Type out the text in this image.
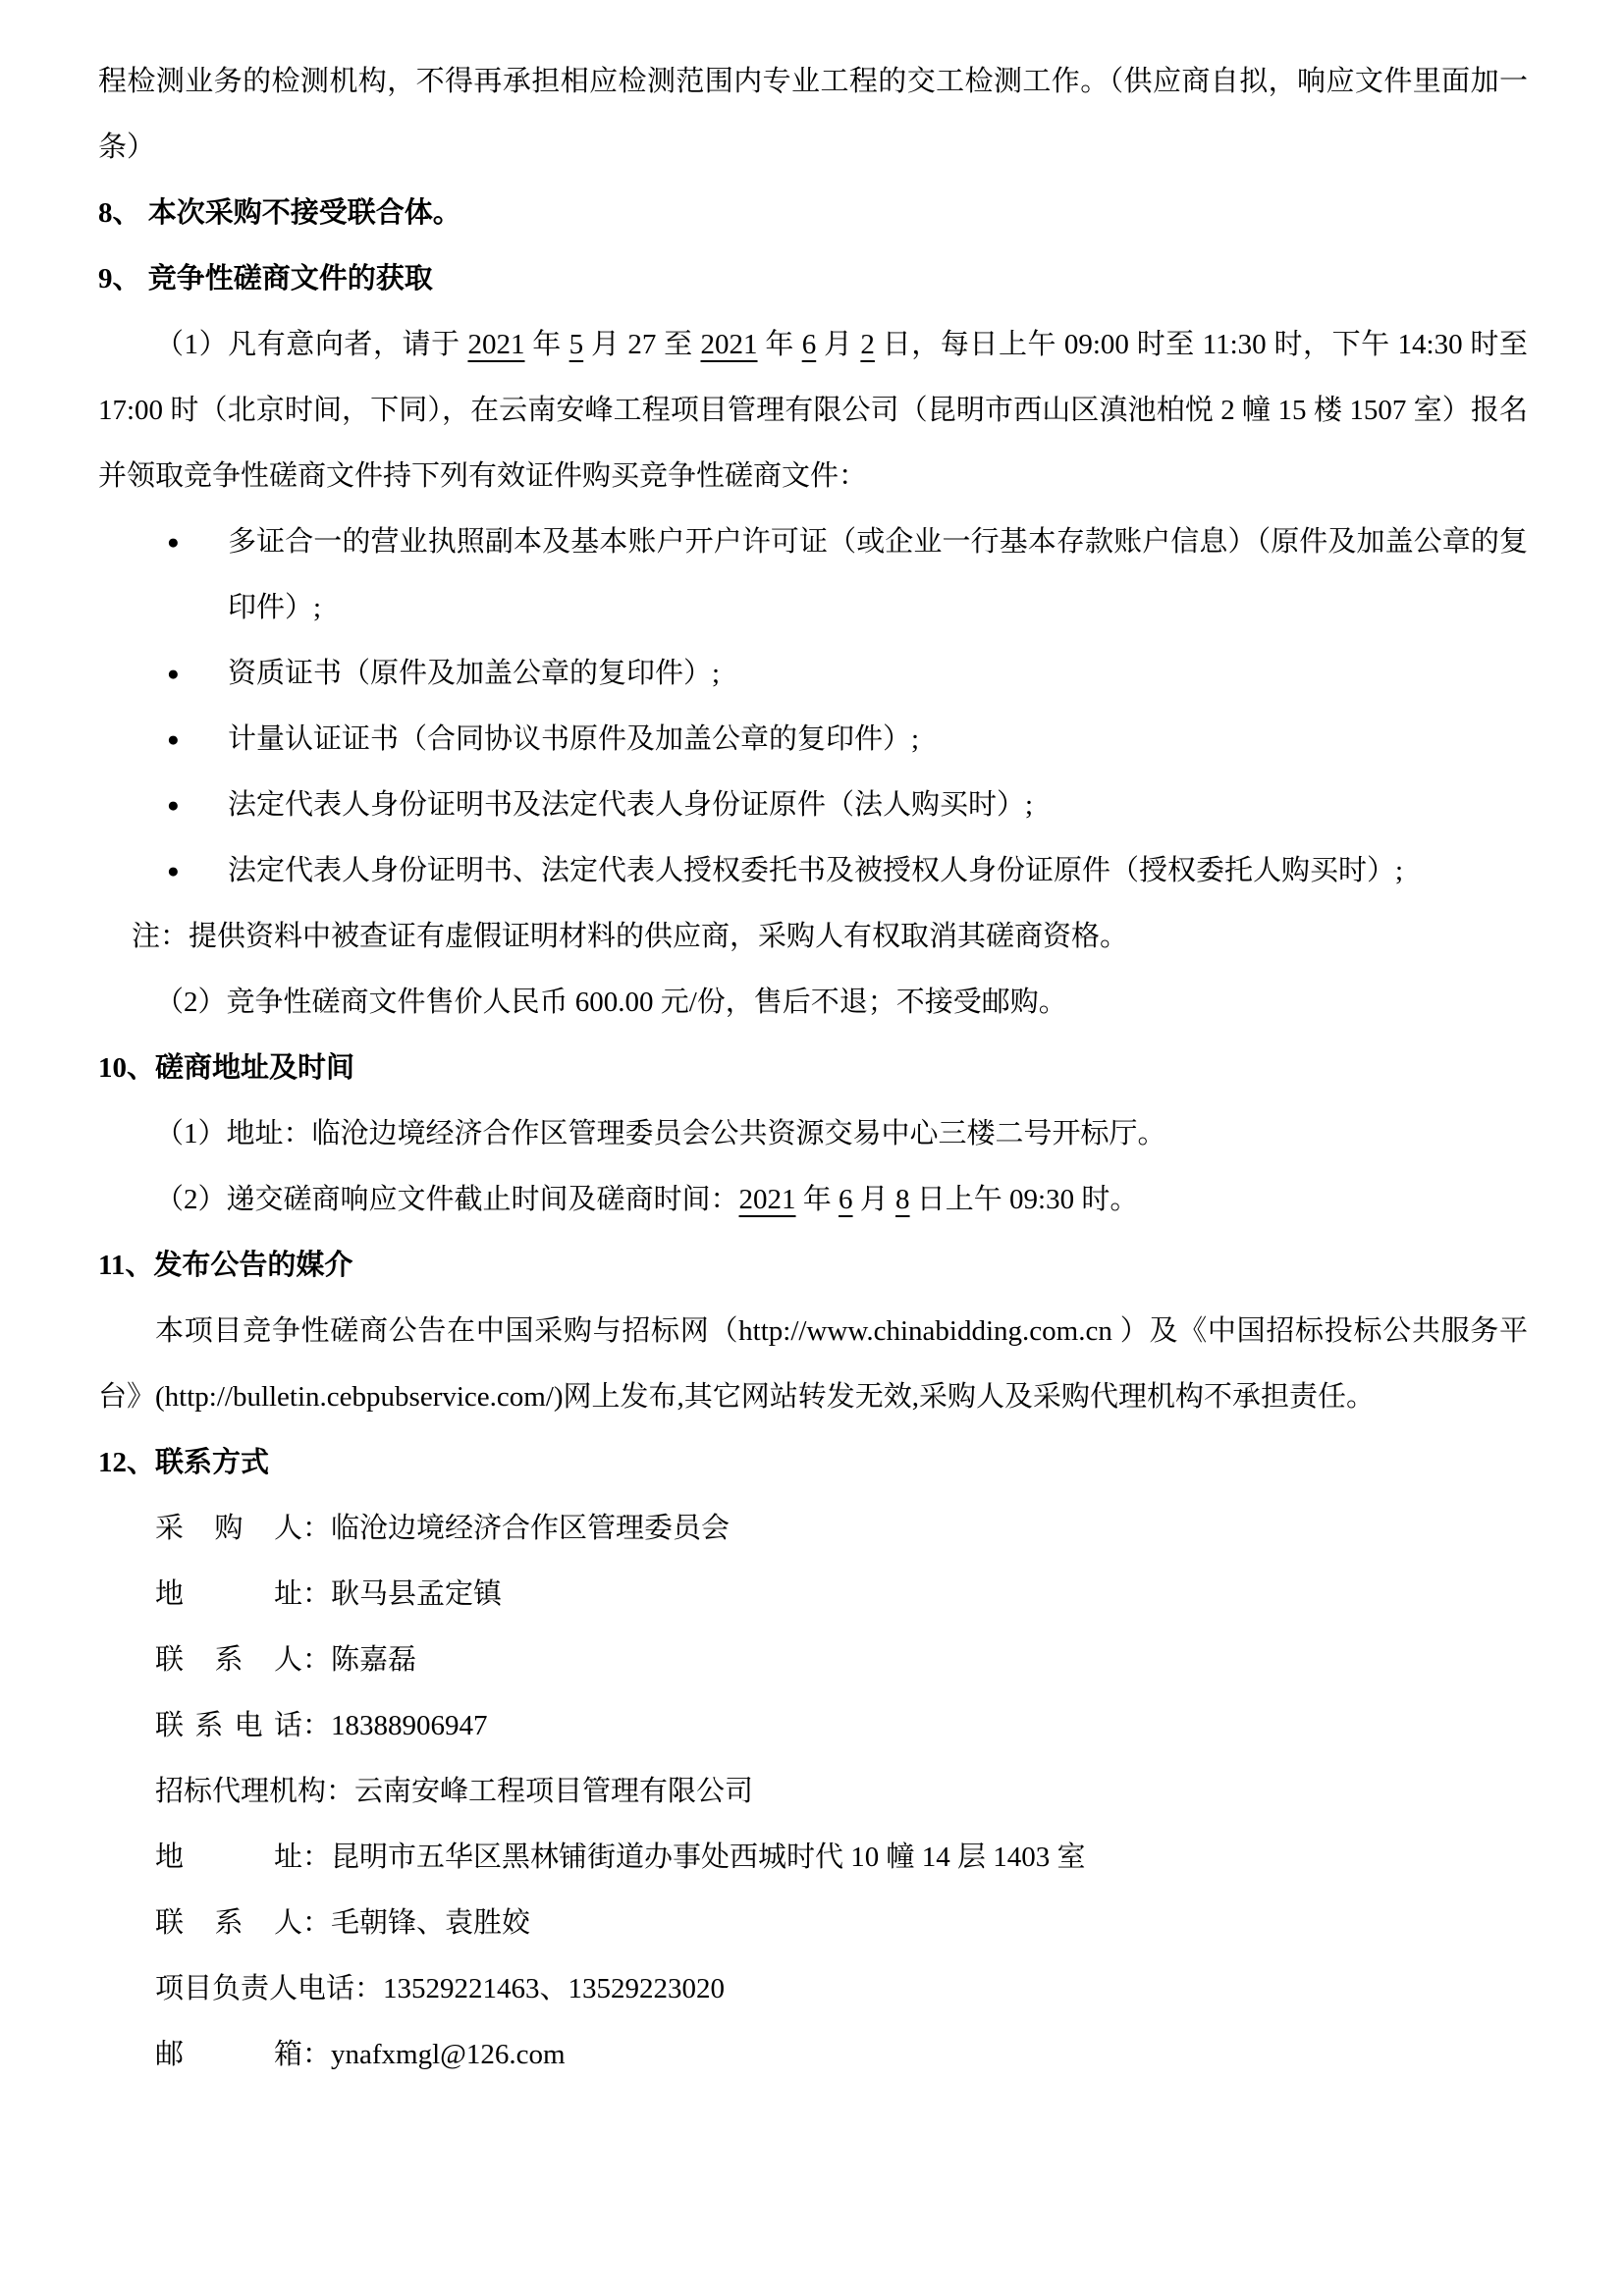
程检测业务的检测机构，不得再承担相应检测范围内专业工程的交工检测工作。（供应商自拟，响应文件里面加一条）

8、 本次采购不接受联合体。

9、 竞争性磋商文件的获取

（1）凡有意向者，请于 2021 年 5 月 27 至 2021 年 6 月 2 日，每日上午 09:00 时至 11:30 时，下午 14:30 时至 17:00 时（北京时间，下同），在云南安峰工程项目管理有限公司（昆明市西山区滇池柏悦 2 幢 15 楼 1507 室）报名并领取竞争性磋商文件持下列有效证件购买竞争性磋商文件：

●	多证合一的营业执照副本及基本账户开户许可证（或企业一行基本存款账户信息）（原件及加盖公章的复印件）;
●	资质证书（原件及加盖公章的复印件）;
●	计量认证证书（合同协议书原件及加盖公章的复印件）;
●	法定代表人身份证明书及法定代表人身份证原件（法人购买时）;
●	法定代表人身份证明书、法定代表人授权委托书及被授权人身份证原件（授权委托人购买时）;

注：提供资料中被查证有虚假证明材料的供应商，采购人有权取消其磋商资格。

（2）竞争性磋商文件售价人民币 600.00 元/份，售后不退；不接受邮购。

10、磋商地址及时间

（1）地址：临沧边境经济合作区管理委员会公共资源交易中心三楼二号开标厅。

（2）递交磋商响应文件截止时间及磋商时间：2021 年 6 月 8 日上午 09:30 时。

11、发布公告的媒介

本项目竞争性磋商公告在中国采购与招标网（http://www.chinabidding.com.cn ）及《中国招标投标公共服务平台》(http://bulletin.cebpubservice.com/)网上发布,其它网站转发无效,采购人及采购代理机构不承担责任。

12、联系方式

采购人：临沧边境经济合作区管理委员会
地址：耿马县孟定镇
联系人：陈嘉磊
联系电话：18388906947
招标代理机构：云南安峰工程项目管理有限公司
地址：昆明市五华区黑林铺街道办事处西城时代 10 幢 14 层 1403 室
联系人：毛朝锋、袁胜姣
项目负责人电话：13529221463、13529223020
邮箱：ynafxmgl@126.com
